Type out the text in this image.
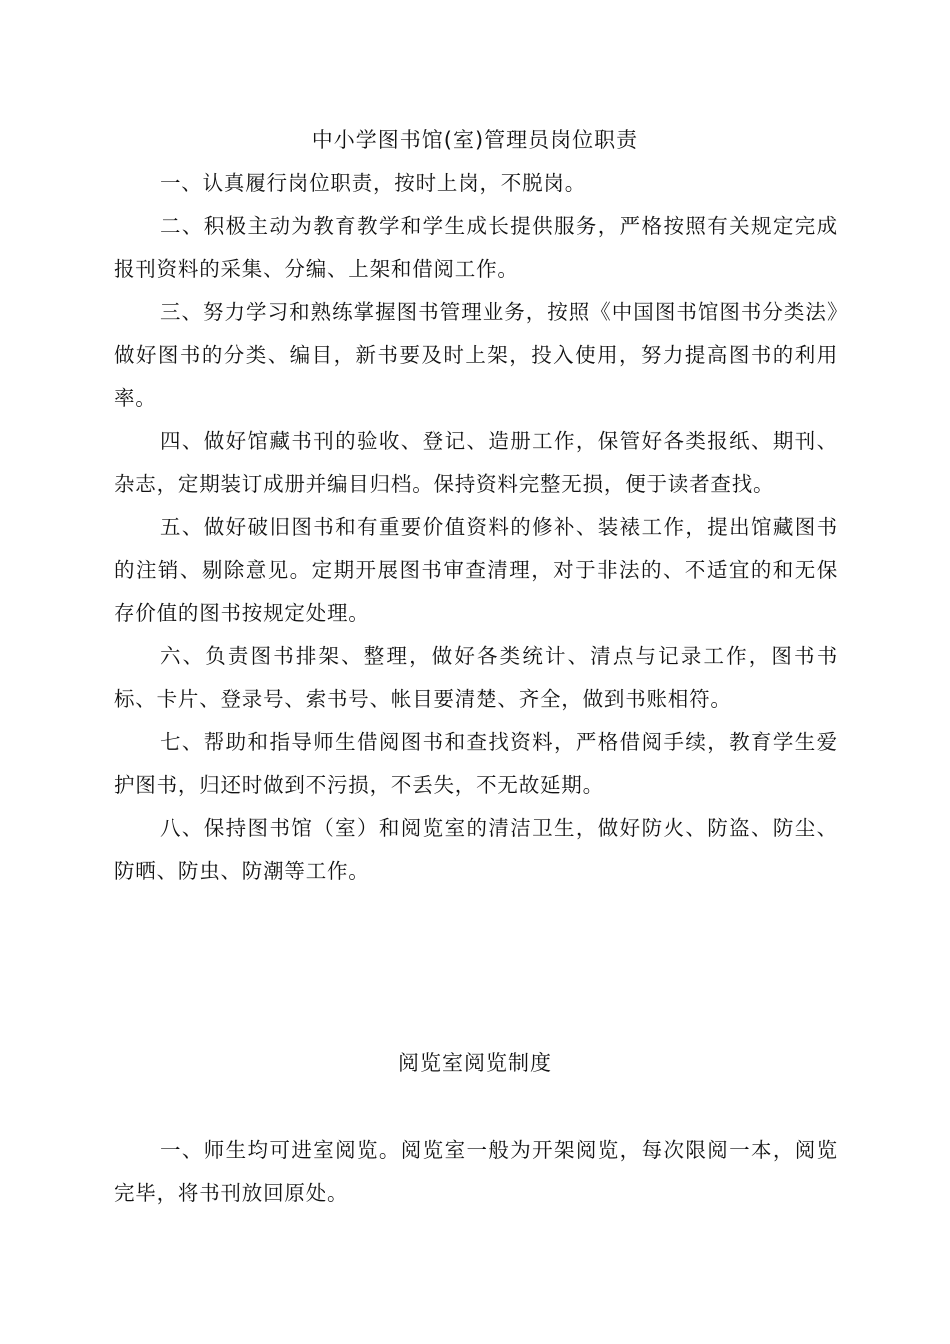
中小学图书馆(室)管理员岗位职责

一、认真履行岗位职责，按时上岗，不脱岗。

二、积极主动为教育教学和学生成长提供服务，严格按照有关规定完成报刊资料的采集、分编、上架和借阅工作。

三、努力学习和熟练掌握图书管理业务，按照《中国图书馆图书分类法》做好图书的分类、编目，新书要及时上架，投入使用，努力提高图书的利用率。

四、做好馆藏书刊的验收、登记、造册工作，保管好各类报纸、期刊、杂志，定期装订成册并编目归档。保持资料完整无损，便于读者查找。

五、做好破旧图书和有重要价值资料的修补、装裱工作，提出馆藏图书的注销、剔除意见。定期开展图书审查清理，对于非法的、不适宜的和无保存价值的图书按规定处理。

六、负责图书排架、整理，做好各类统计、清点与记录工作，图书书标、卡片、登录号、索书号、帐目要清楚、齐全，做到书账相符。

七、帮助和指导师生借阅图书和查找资料，严格借阅手续，教育学生爱护图书，归还时做到不污损，不丢失，不无故延期。

八、保持图书馆（室）和阅览室的清洁卫生，做好防火、防盗、防尘、防晒、防虫、防潮等工作。

阅览室阅览制度

一、师生均可进室阅览。阅览室一般为开架阅览，每次限阅一本，阅览完毕，将书刊放回原处。
